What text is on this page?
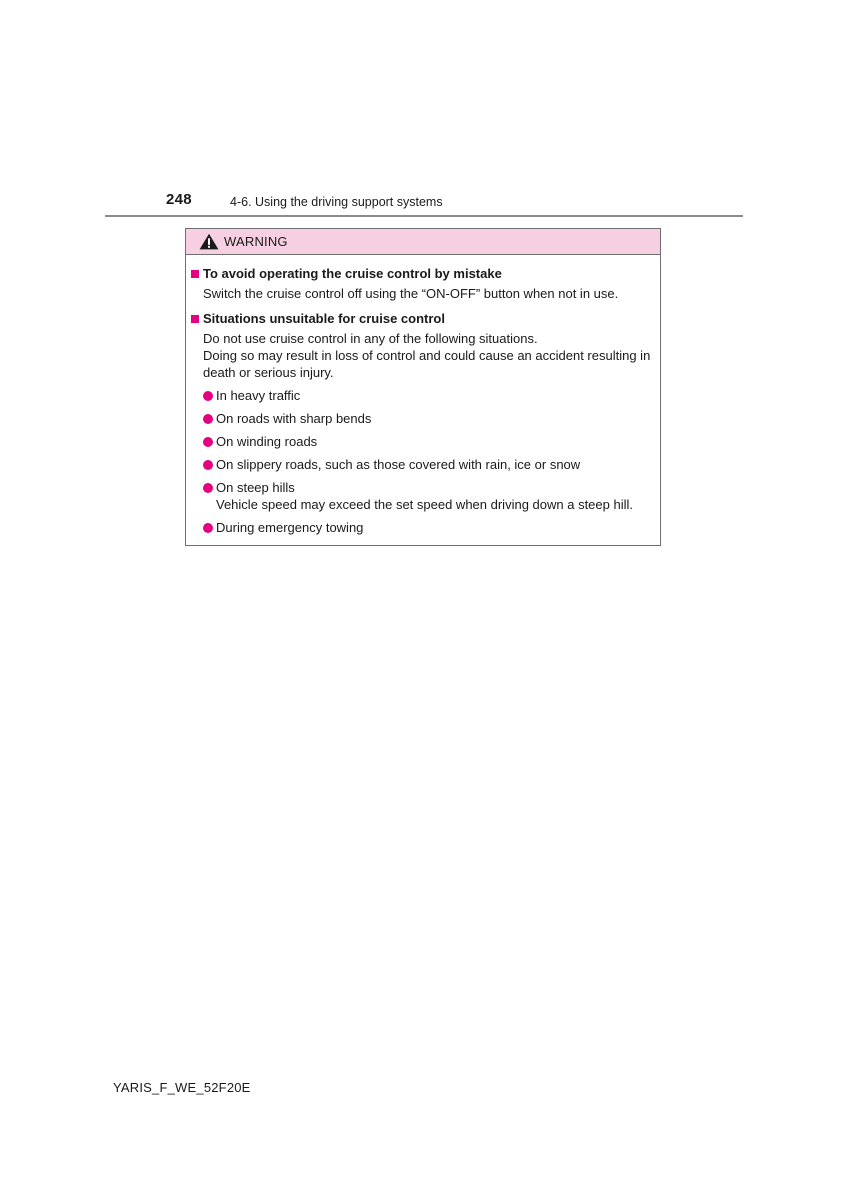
248	4-6. Using the driving support systems
WARNING
To avoid operating the cruise control by mistake
Switch the cruise control off using the “ON-OFF” button when not in use.
Situations unsuitable for cruise control
Do not use cruise control in any of the following situations.
Doing so may result in loss of control and could cause an accident resulting in death or serious injury.
In heavy traffic
On roads with sharp bends
On winding roads
On slippery roads, such as those covered with rain, ice or snow
On steep hills
Vehicle speed may exceed the set speed when driving down a steep hill.
During emergency towing
YARIS_F_WE_52F20E
